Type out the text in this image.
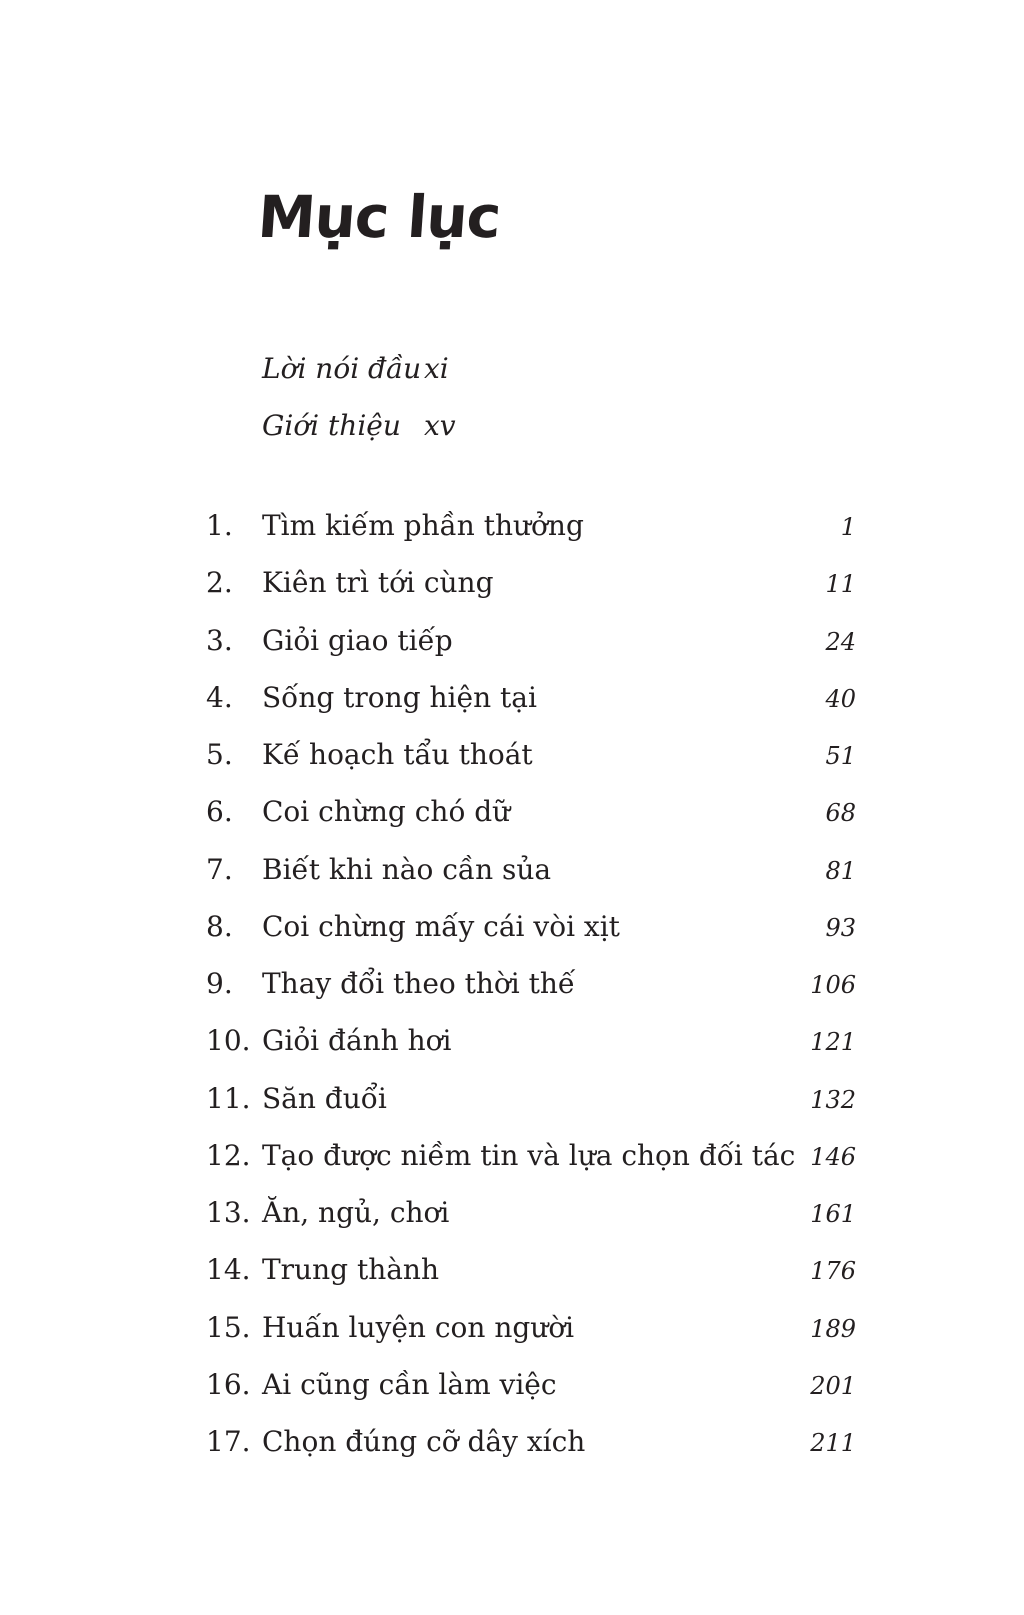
Mục lục
Lời nói đầu xi
Giới thiệu xv
1.	Tìm kiếm phần thưởng	1
2.	Kiên trì tới cùng	11
3.	Giỏi giao tiếp	24
4.	Sống trong hiện tại	40
5.	Kế hoạch tẩu thoát	51
6.	Coi chừng chó dữ	68
7.	Biết khi nào cần sủa	81
8.	Coi chừng mấy cái vòi xịt	93
9.	Thay đổi theo thời thế	106
10. Giỏi đánh hơi	121
11. Săn đuổi	132
12. Tạo được niềm tin và lựa chọn đối tác 146
13. Ăn, ngủ, chơi	161
14. Trung thành	176
15. Huấn luyện con người	189
16. Ai cũng cần làm việc	201
17. Chọn đúng cỡ dây xích	211
